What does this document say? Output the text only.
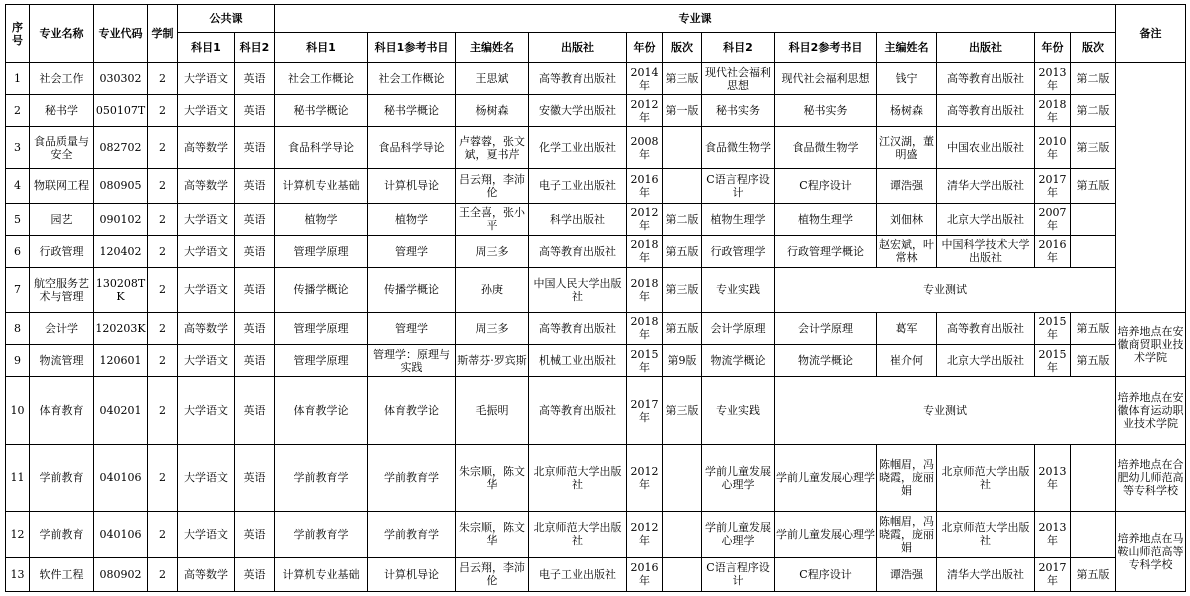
序号	专业名称	专业代码	学制	公共课		专业课												备注
				科目1	科目2	科目1	科目1参考书目	主编姓名	出版社	年份	版次	科目2	科目2参考书目	主编姓名	出版社	年份	版次	
1	社会工作	030302	2	大学语文	英语	社会工作概论	社会工作概论	王思斌	高等教育出版社	2014年	第三版	现代社会福利思想	现代社会福利思想	钱宁	高等教育出版社	2013年	第二版	
2	秘书学	050107T	2	大学语文	英语	秘书学概论	秘书学概论	杨树森	安徽大学出版社	2012年	第一版	秘书实务	秘书实务	杨树森	高等教育出版社	2018年	第二版	
3	食品质量与安全	082702	2	高等数学	英语	食品科学导论	食品科学导论	卢蓉蓉，张文斌，夏书芹	化学工业出版社	2008年		食品微生物学	食品微生物学	江汉湖，董明盛	中国农业出版社	2010年	第三版	
4	物联网工程	080905	2	高等数学	英语	计算机专业基础	计算机导论	吕云翔，李沛伦	电子工业出版社	2016年		C语言程序设计	C程序设计	谭浩强	清华大学出版社	2017年	第五版	
5	园艺	090102	2	大学语文	英语	植物学	植物学	王全喜，张小平	科学出版社	2012年	第二版	植物生理学	植物生理学	刘佃林	北京大学出版社	2007年		
6	行政管理	120402	2	大学语文	英语	管理学原理	管理学	周三多	高等教育出版社	2018年	第五版	行政管理学	行政管理学概论	赵宏斌，叶常林	中国科学技术大学出版社	2016年		
7	航空服务艺术与管理	130208TK	2	大学语文	英语	传播学概论	传播学概论	孙庚	中国人民大学出版社	2018年	第三版	专业实践	专业测试					
8	会计学	120203K	2	高等数学	英语	管理学原理	管理学	周三多	高等教育出版社	2018年	第五版	会计学原理	会计学原理	葛军	高等教育出版社	2015年	第五版	培养地点在安徽商贸职业技术学院
9	物流管理	120601	2	大学语文	英语	管理学原理	管理学：原理与实践	斯蒂芬·罗宾斯	机械工业出版社	2015年	第9版	物流学概论	物流学概论	崔介何	北京大学出版社	2015年	第五版	
10	体育教育	040201	2	大学语文	英语	体育教学论	体育教学论	毛振明	高等教育出版社	2017年	第三版	专业实践	专业测试					培养地点在安徽体育运动职业技术学院
11	学前教育	040106	2	大学语文	英语	学前教育学	学前教育学	朱宗顺，陈文华	北京师范大学出版社	2012年		学前儿童发展心理学	学前儿童发展心理学	陈帼眉，冯晓霞，庞丽娟	北京师范大学出版社	2013年		培养地点在合肥幼儿师范高等专科学校
12	学前教育	040106	2	大学语文	英语	学前教育学	学前教育学	朱宗顺，陈文华	北京师范大学出版社	2012年		学前儿童发展心理学	学前儿童发展心理学	陈帼眉，冯晓霞，庞丽娟	北京师范大学出版社	2013年		培养地点在马鞍山师范高等专科学校
13	软件工程	080902	2	高等数学	英语	计算机专业基础	计算机导论	吕云翔，李沛伦	电子工业出版社	2016年		C语言程序设计	C程序设计	谭浩强	清华大学出版社	2017年	第五版	
